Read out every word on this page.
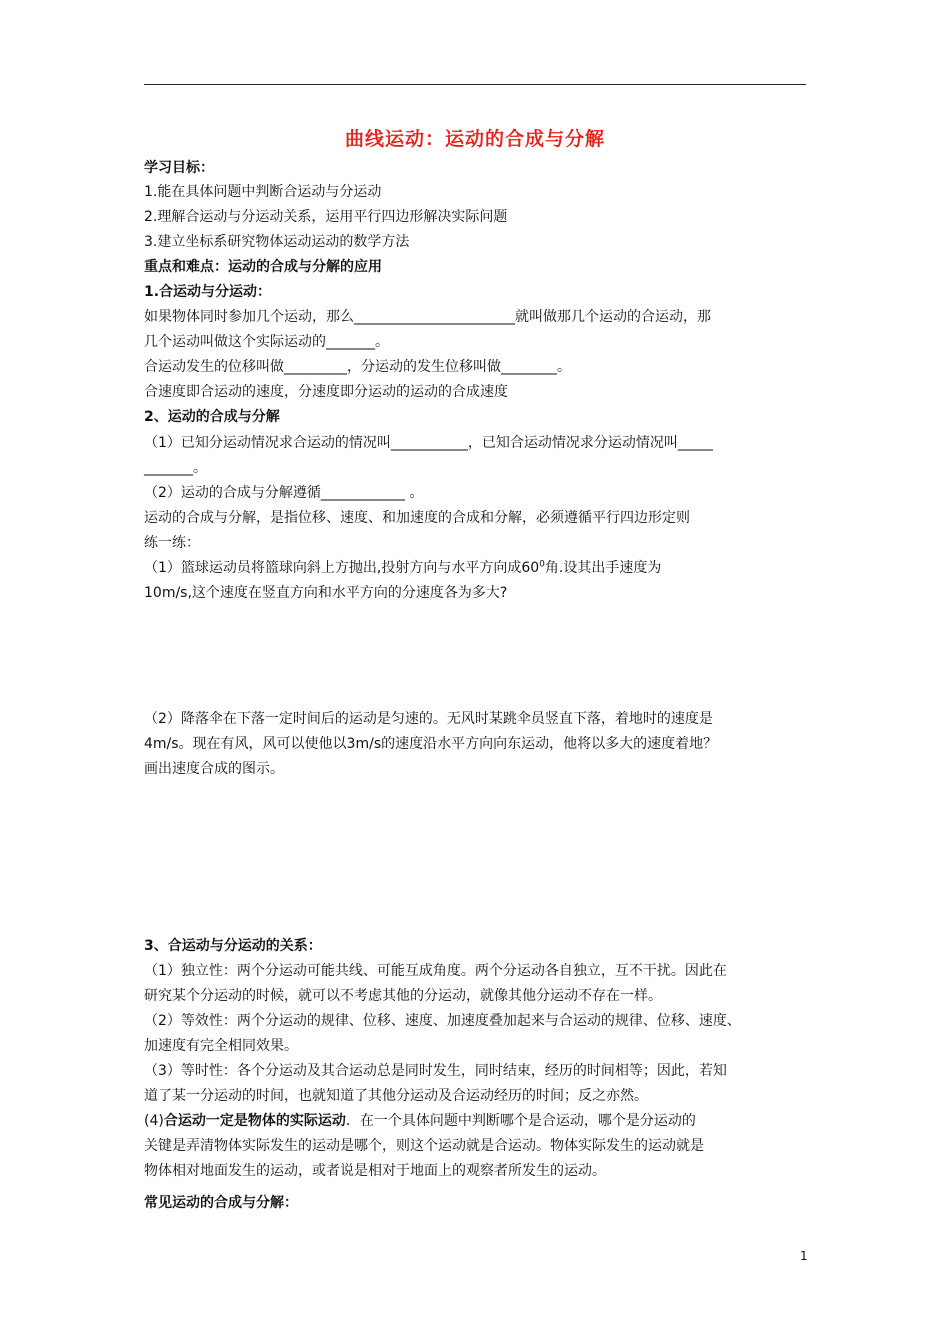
曲线运动：运动的合成与分解
学习目标：
1.能在具体问题中判断合运动与分运动
2.理解合运动与分运动关系，运用平行四边形解决实际问题
3.建立坐标系研究物体运动运动的数学方法
重点和难点：运动的合成与分解的应用
1.合运动与分运动：
如果物体同时参加几个运动，那么_______________________就叫做那几个运动的合运动，那
几个运动叫做这个实际运动的_______。
合运动发生的位移叫做_________，分运动的发生位移叫做________。
合速度即合运动的速度，分速度即分运动的运动的合成速度
2、运动的合成与分解
（1）已知分运动情况求合运动的情况叫___________，已知合运动情况求分运动情况叫_____
_______。
（2）运动的合成与分解遵循____________ 。
运动的合成与分解，是指位移、速度、和加速度的合成和分解，必须遵循平行四边形定则
练一练：
（1）篮球运动员将篮球向斜上方抛出,投射方向与水平方向成$60^0$角.设其出手速度为
10m/s,这个速度在竖直方向和水平方向的分速度各为多大?
（2）降落伞在下落一定时间后的运动是匀速的。无风时某跳伞员竖直下落，着地时的速度是
4m/s。现在有风，风可以使他以3m/s的速度沿水平方向向东运动，他将以多大的速度着地？
画出速度合成的图示。
3、合运动与分运动的关系：
（1）独立性：两个分运动可能共线、可能互成角度。两个分运动各自独立，互不干扰。因此在
研究某个分运动的时候，就可以不考虑其他的分运动，就像其他分运动不存在一样。
（2）等效性：两个分运动的规律、位移、速度、加速度叠加起来与合运动的规律、位移、速度、
加速度有完全相同效果。
（3）等时性：各个分运动及其合运动总是同时发生，同时结束，经历的时间相等；因此，若知
道了某一分运动的时间，也就知道了其他分运动及合运动经历的时间；反之亦然。
(4)合运动一定是物体的实际运动．在一个具体问题中判断哪个是合运动，哪个是分运动的
关键是弄清物体实际发生的运动是哪个，则这个运动就是合运动。物体实际发生的运动就是
物体相对地面发生的运动，或者说是相对于地面上的观察者所发生的运动。
常见运动的合成与分解：
1
